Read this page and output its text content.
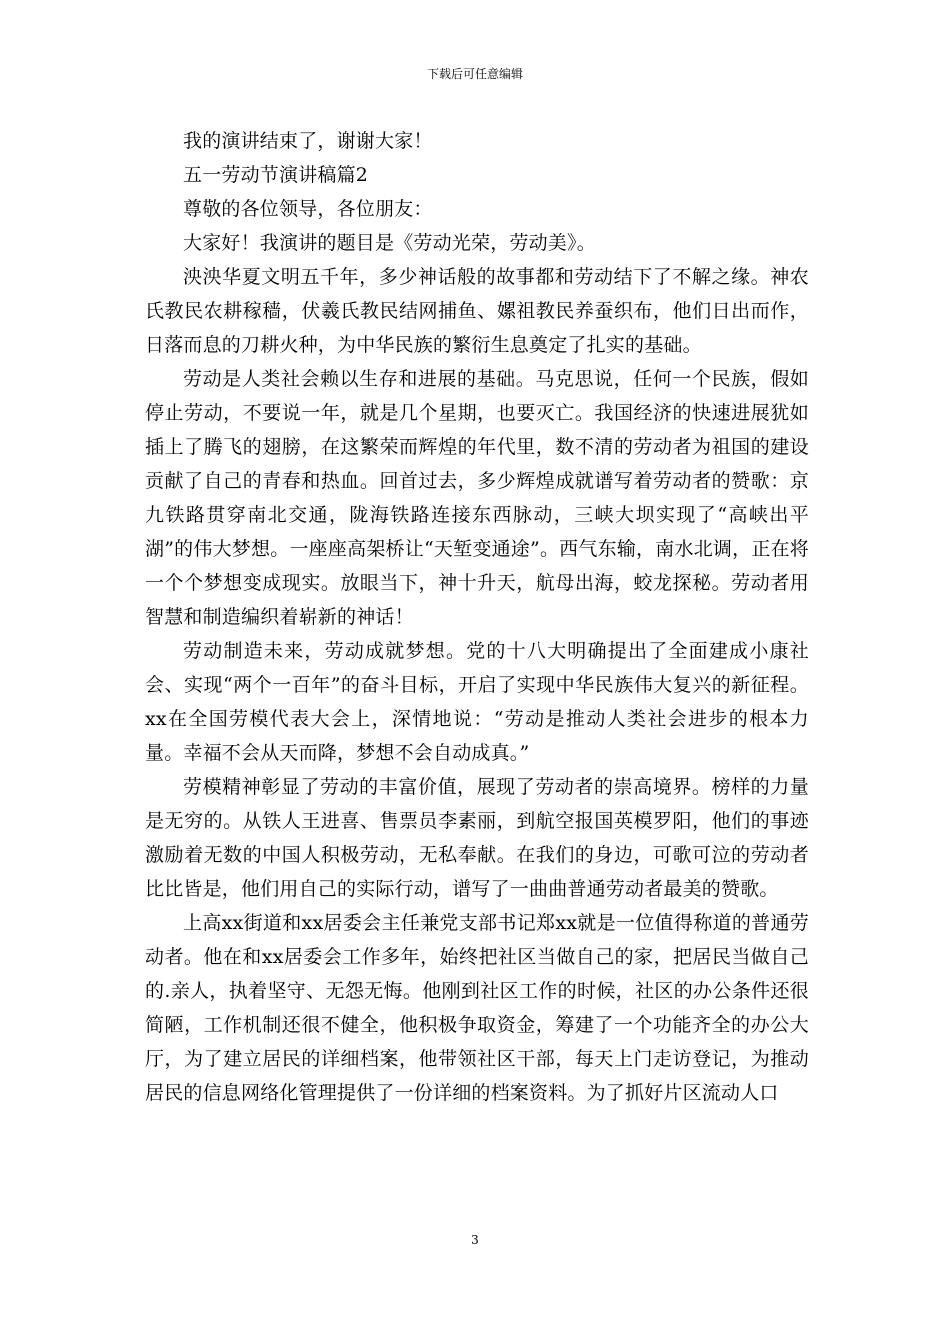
下载后可任意编辑

我的演讲结束了，谢谢大家！

五一劳动节演讲稿篇2

尊敬的各位领导，各位朋友：

大家好！我演讲的题目是《劳动光荣，劳动美》。

泱泱华夏文明五千年，多少神话般的故事都和劳动结下了不解之缘。神农氏教民农耕稼穑，伏羲氏教民结网捕鱼、嫘祖教民养蚕织布，他们日出而作，日落而息的刀耕火种，为中华民族的繁衍生息奠定了扎实的基础。

劳动是人类社会赖以生存和进展的基础。马克思说，任何一个民族，假如停止劳动，不要说一年，就是几个星期，也要灭亡。我国经济的快速进展犹如插上了腾飞的翅膀，在这繁荣而辉煌的年代里，数不清的劳动者为祖国的建设贡献了自己的青春和热血。回首过去，多少辉煌成就谱写着劳动者的赞歌：京九铁路贯穿南北交通，陇海铁路连接东西脉动，三峡大坝实现了“高峡出平湖”的伟大梦想。一座座高架桥让“天堑变通途”。西气东输，南水北调，正在将一个个梦想变成现实。放眼当下，神十升天，航母出海，蛟龙探秘。劳动者用智慧和制造编织着崭新的神话！

劳动制造未来，劳动成就梦想。党的十八大明确提出了全面建成小康社会、实现“两个一百年”的奋斗目标，开启了实现中华民族伟大复兴的新征程。xx在全国劳模代表大会上，深情地说：“劳动是推动人类社会进步的根本力量。幸福不会从天而降，梦想不会自动成真。”

劳模精神彰显了劳动的丰富价值，展现了劳动者的崇高境界。榜样的力量是无穷的。从铁人王进喜、售票员李素丽，到航空报国英模罗阳，他们的事迹激励着无数的中国人积极劳动，无私奉献。在我们的身边，可歌可泣的劳动者比比皆是，他们用自己的实际行动，谱写了一曲曲普通劳动者最美的赞歌。

上高xx街道和xx居委会主任兼党支部书记郑xx就是一位值得称道的普通劳动者。他在和xx居委会工作多年，始终把社区当做自己的家，把居民当做自己的.亲人，执着坚守、无怨无悔。他刚到社区工作的时候，社区的办公条件还很简陋，工作机制还很不健全，他积极争取资金，筹建了一个功能齐全的办公大厅，为了建立居民的详细档案，他带领社区干部，每天上门走访登记，为推动居民的信息网络化管理提供了一份详细的档案资料。为了抓好片区流动人口

3
